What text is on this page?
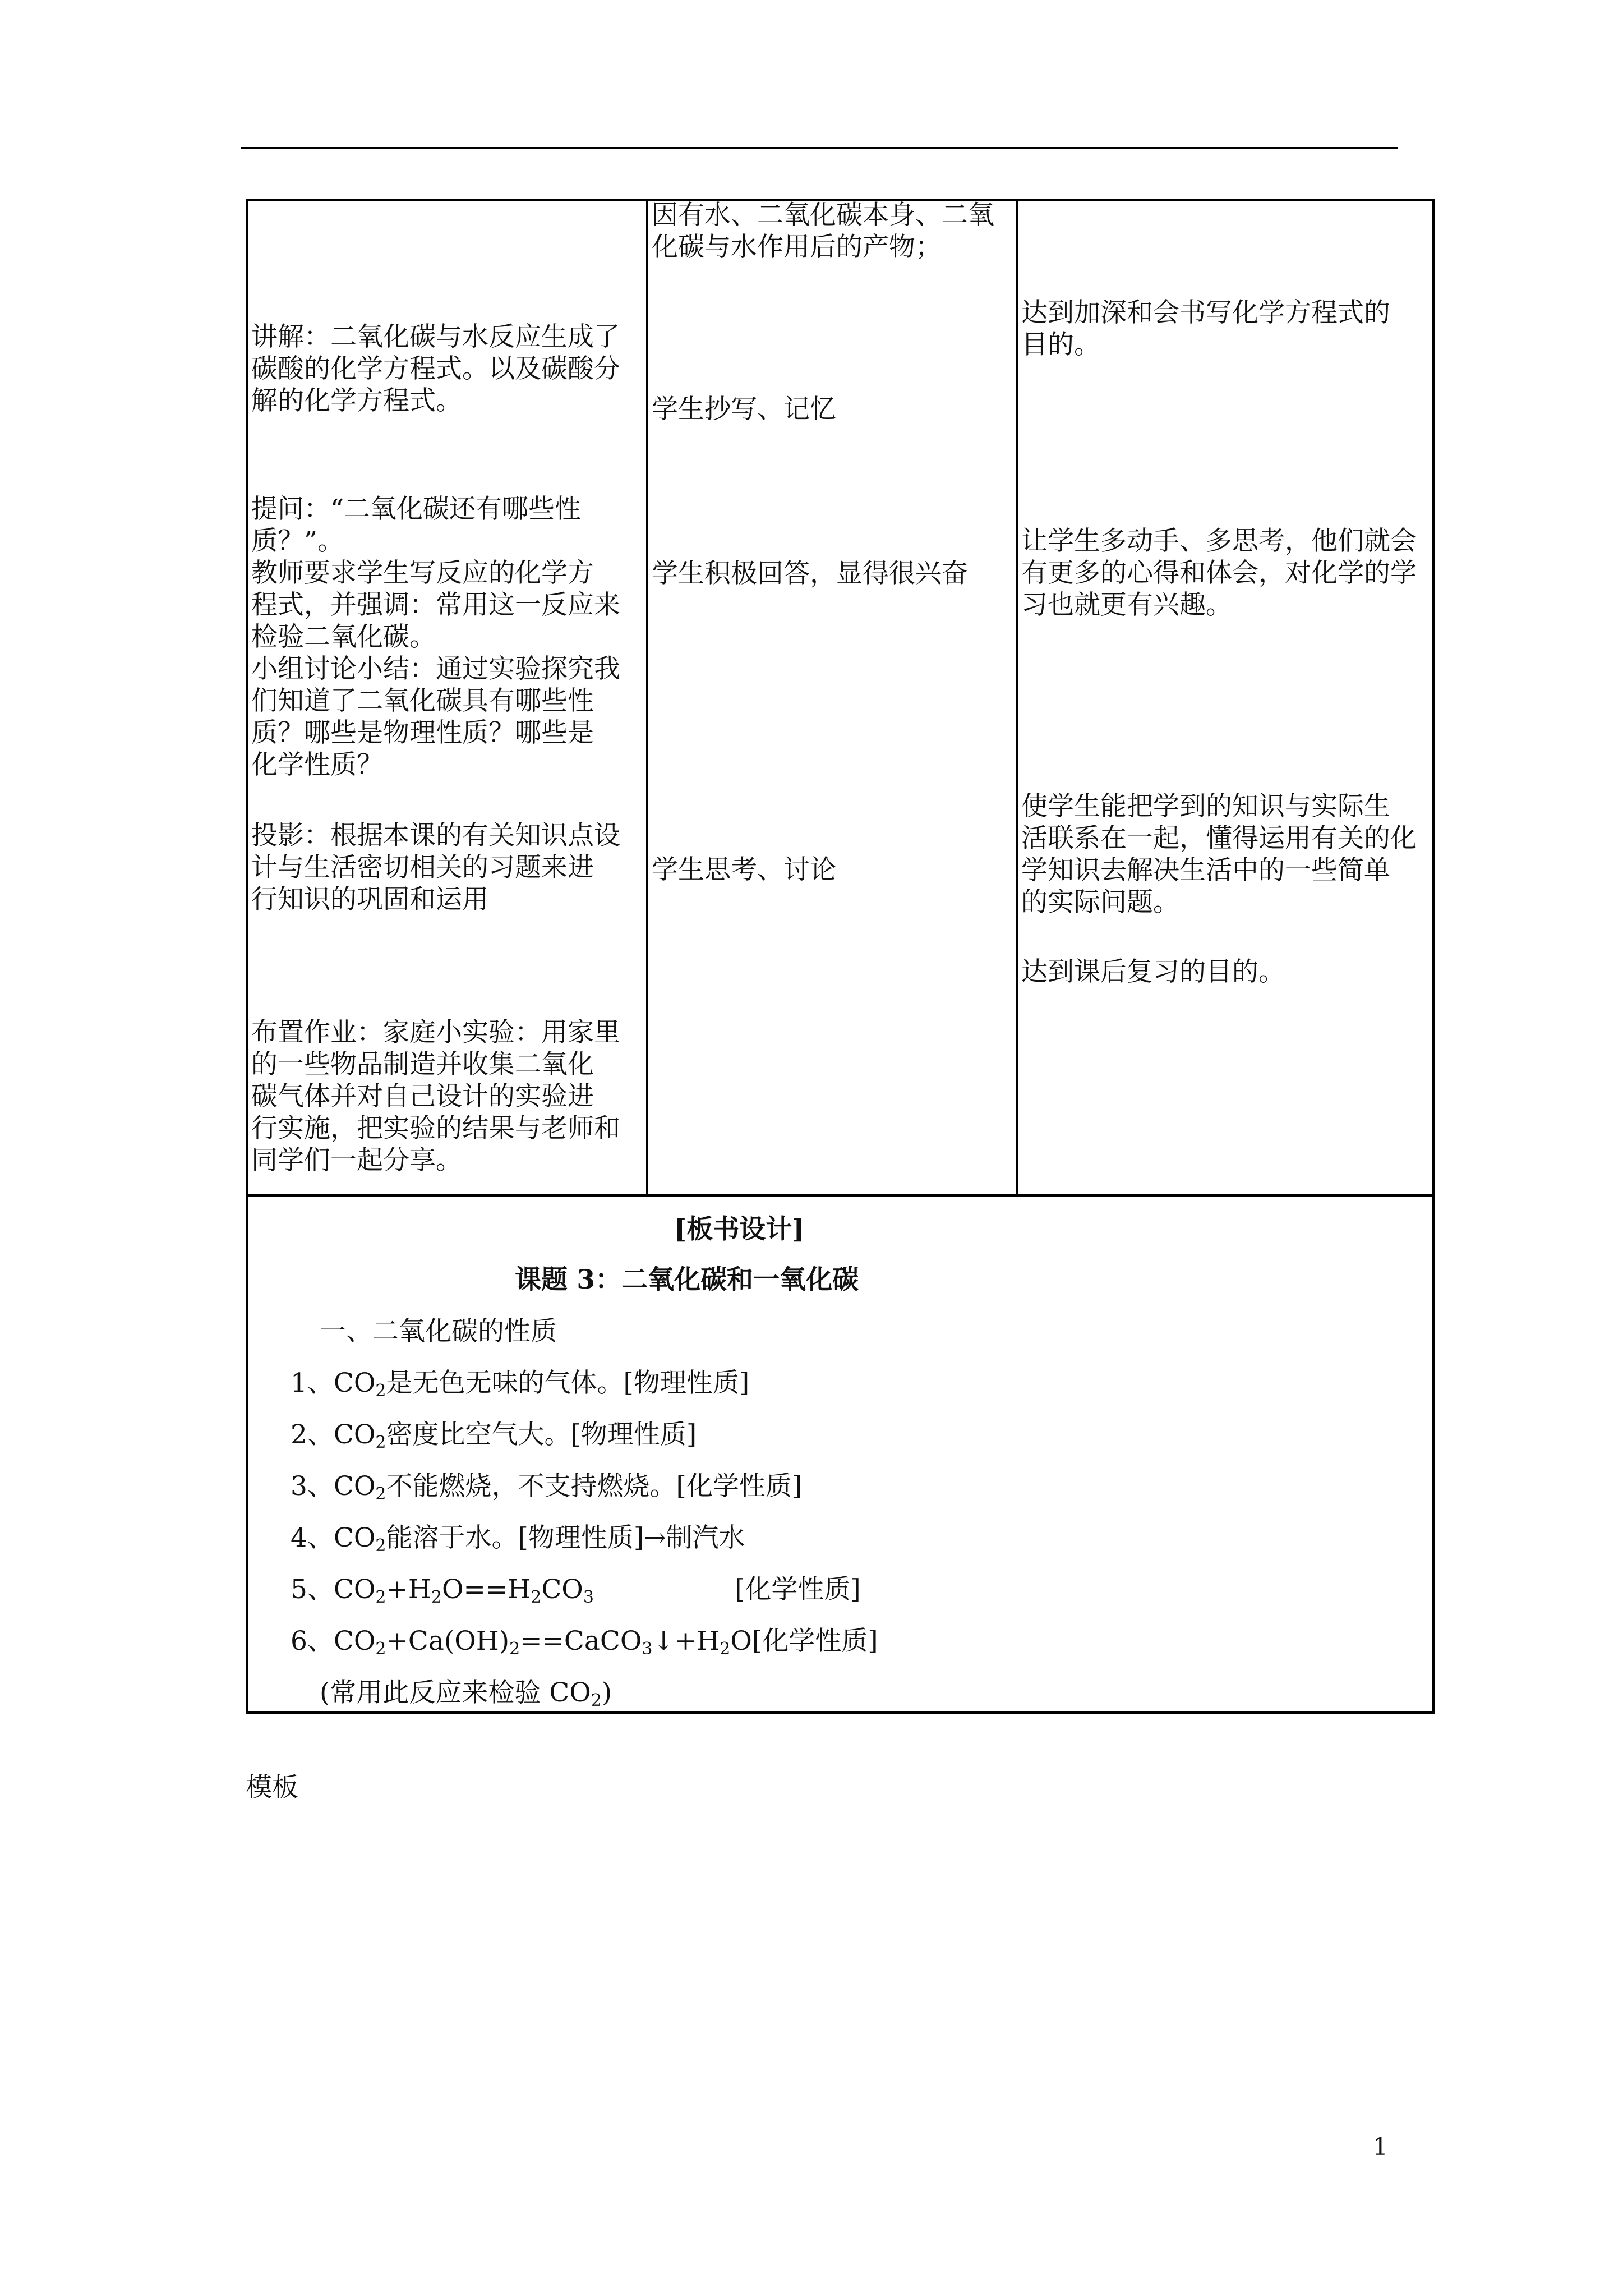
讲解：二氧化碳与水反应生成了
碳酸的化学方程式。以及碳酸分
解的化学方程式。
提问：“二氧化碳还有哪些性
质？”。
教师要求学生写反应的化学方
程式，并强调：常用这一反应来
检验二氧化碳。
小组讨论小结：通过实验探究我
们知道了二氧化碳具有哪些性
质？哪些是物理性质？哪些是
化学性质？
投影：根据本课的有关知识点设
计与生活密切相关的习题来进
行知识的巩固和运用
布置作业：家庭小实验：用家里
的一些物品制造并收集二氧化
碳气体并对自己设计的实验进
行实施，把实验的结果与老师和
同学们一起分享。
因有水、二氧化碳本身、二氧
化碳与水作用后的产物；
学生抄写、记忆
学生积极回答，显得很兴奋
学生思考、讨论
达到加深和会书写化学方程式的
目的。
让学生多动手、多思考，他们就会
有更多的心得和体会，对化学的学
习也就更有兴趣。
使学生能把学到的知识与实际生
活联系在一起，懂得运用有关的化
学知识去解决生活中的一些简单
的实际问题。
达到课后复习的目的。
[板书设计]
课题 3：二氧化碳和一氧化碳
一、二氧化碳的性质
1、$CO_2$是无色无味的气体。[物理性质]
2、$CO_2$密度比空气大。[物理性质]
3、$CO_2$不能燃烧，不支持燃烧。[化学性质]
4、$CO_2$能溶于水。[物理性质]→制汽水
5、$CO_2+H_2O==H_2CO_3$	[化学性质]
6、$CO_2+Ca(OH)_2==CaCO_3↓+H_2O$[化学性质]
(常用此反应来检验 $CO_2$)
模板
1
